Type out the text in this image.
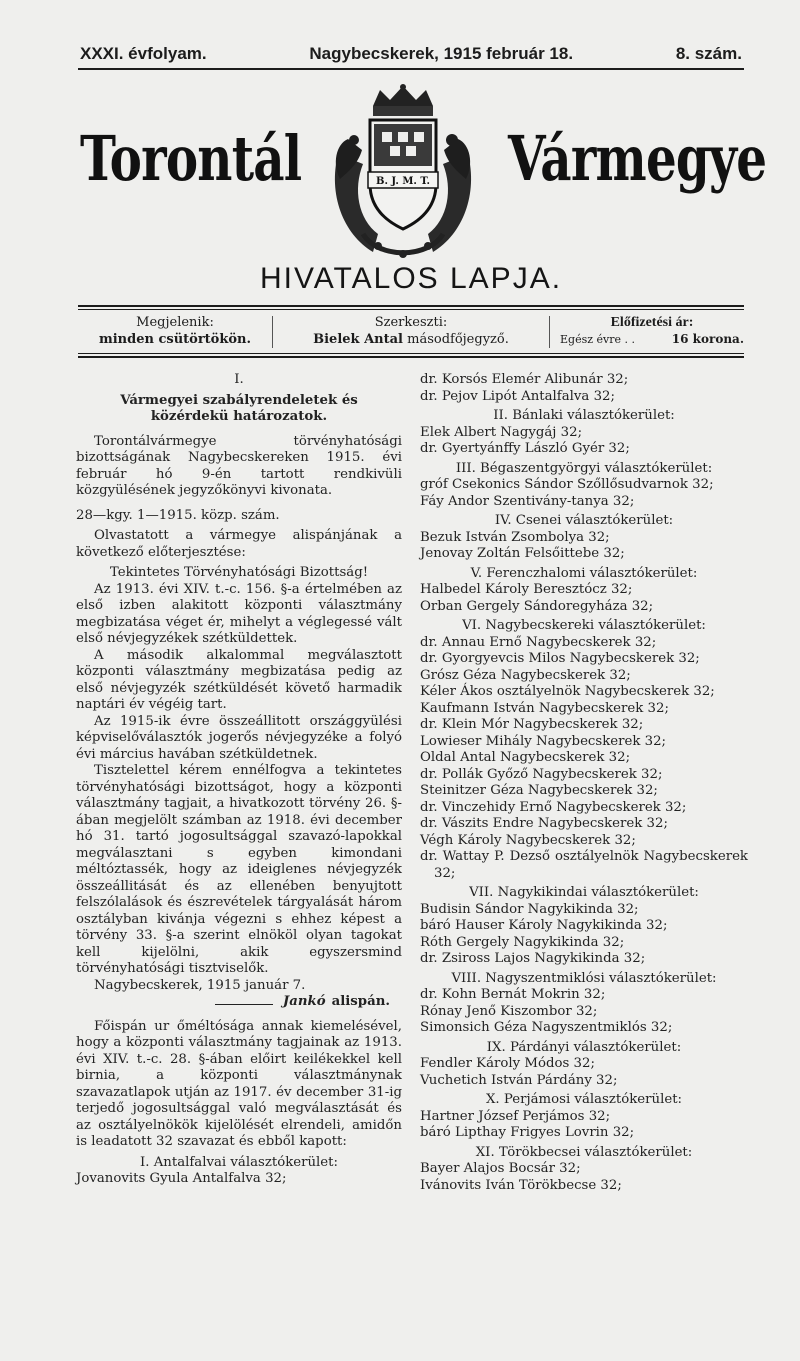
XXXI. évfolyam.	Nagybecskerek, 1915 február 18.	8. szám.
Torontál	B. J. M. T. Vármegye
HIVATALOS LAPJA.
Megjelenik:
minden csütörtökön.
Szerkeszti:
Bielek Antal másodfőjegyző.
Előfizetési ár:
Egész évre . .	16 korona.

I.

Vármegyei szabályrendeletek és közérdekü határozatok.

Torontálvármegye törvényhatósági bizottságának Nagybecskereken 1915. évi február hó 9-én tartott rendkivüli közgyülésének jegyzőkönyvi kivonata.

28—kgy. 1—1915. közp. szám.

Olvastatott a vármegye alispánjának a következő előterjesztése:

Tekintetes Törvényhatósági Bizottság!

Az 1913. évi XIV. t.-c. 156. §-a értelmében az első izben alakitott központi választmány megbizatása véget ér, mihelyt a véglegessé vált első névjegyzékek szétküldettek.

A második alkalommal megválasztott központi választmány megbizatása pedig az első névjegyzék szétküldését követő harmadik naptári év végéig tart.

Az 1915-ik évre összeállitott országgyülési képviselőválasztók jogerős névjegyzéke a folyó évi március havában szétküldetnek.

Tisztelettel kérem ennélfogva a tekintetes törvényhatósági bizottságot, hogy a központi választmány tagjait, a hivatkozott törvény 26. §-ában megjelölt számban az 1918. évi december hó 31. tartó jogosultsággal szavazó-lapokkal megválasztani s egyben kimondani méltóztassék, hogy az ideiglenes névjegyzék összeállitását és az ellenében benyujtott felszólalások és észrevételek tárgyalását három osztályban kivánja végezni s ehhez képest a törvény 33. §-a szerint elnököl olyan tagokat kell kijelölni, akik egyszersmind törvényhatósági tisztviselők.

Nagybecskerek, 1915 január 7.

Jankó alispán.

Főispán ur őméltósága annak kiemelésével, hogy a központi választmány tagjainak az 1913. évi XIV. t.-c. 28. §-ában előirt keilékekkel kell birnia, a központi választmánynak szavazatlapok utján az 1917. év december 31-ig terjedő jogosultsággal való megválasztását és az osztályelnökök kijelölését elrendeli, amidőn is leadatott 32 szavazat és ebből kapott:

I. Antalfalvai választókerület:

Jovanovits Gyula Antalfalva 32;

dr. Korsós Elemér Alibunár 32;

dr. Pejov Lipót Antalfalva 32;

II. Bánlaki választókerület:

Elek Albert Nagygáj 32;

dr. Gyertyánffy László Gyér 32;

III. Bégaszentgyörgyi választókerület:

gróf Csekonics Sándor Szőllősudvarnok 32;

Fáy Andor Szentivány-tanya 32;

IV. Csenei választókerület:

Bezuk István Zsombolya 32;

Jenovay Zoltán Felsőittebe 32;

V. Ferenczhalomi választókerület:

Halbedel Károly Beresztócz 32;

Orban Gergely Sándoregyháza 32;

VI. Nagybecskereki választókerület:

dr. Annau Ernő Nagybecskerek 32;

dr. Gyorgyevcis Milos Nagybecskerek 32;

Grósz Géza Nagybecskerek 32;

Kéler Ákos osztályelnök Nagybecskerek 32;

Kaufmann István Nagybecskerek 32;

dr. Klein Mór Nagybecskerek 32;

Lowieser Mihály Nagybecskerek 32;

Oldal Antal Nagybecskerek 32;

dr. Pollák Győző Nagybecskerek 32;

Steinitzer Géza Nagybecskerek 32;

dr. Vinczehidy Ernő Nagybecskerek 32;

dr. Vászits Endre Nagybecskerek 32;

Végh Károly Nagybecskerek 32;

dr. Wattay P. Dezső osztályelnök Nagybecskerek 32;

VII. Nagykikindai választókerület:

Budisin Sándor Nagykikinda 32;

báró Hauser Károly Nagykikinda 32;

Róth Gergely Nagykikinda 32;

dr. Zsiross Lajos Nagykikinda 32;

VIII. Nagyszentmiklósi választókerület:

dr. Kohn Bernát Mokrin 32;

Rónay Jenő Kiszombor 32;

Simonsich Géza Nagyszentmiklós 32;

IX. Párdányi választókerület:

Fendler Károly Módos 32;

Vuchetich István Párdány 32;

X. Perjámosi választókerület:

Hartner József Perjámos 32;

báró Lipthay Frigyes Lovrin 32;

XI. Törökbecsei választókerület:

Bayer Alajos Bocsár 32;

Ivánovits Iván Törökbecse 32;
